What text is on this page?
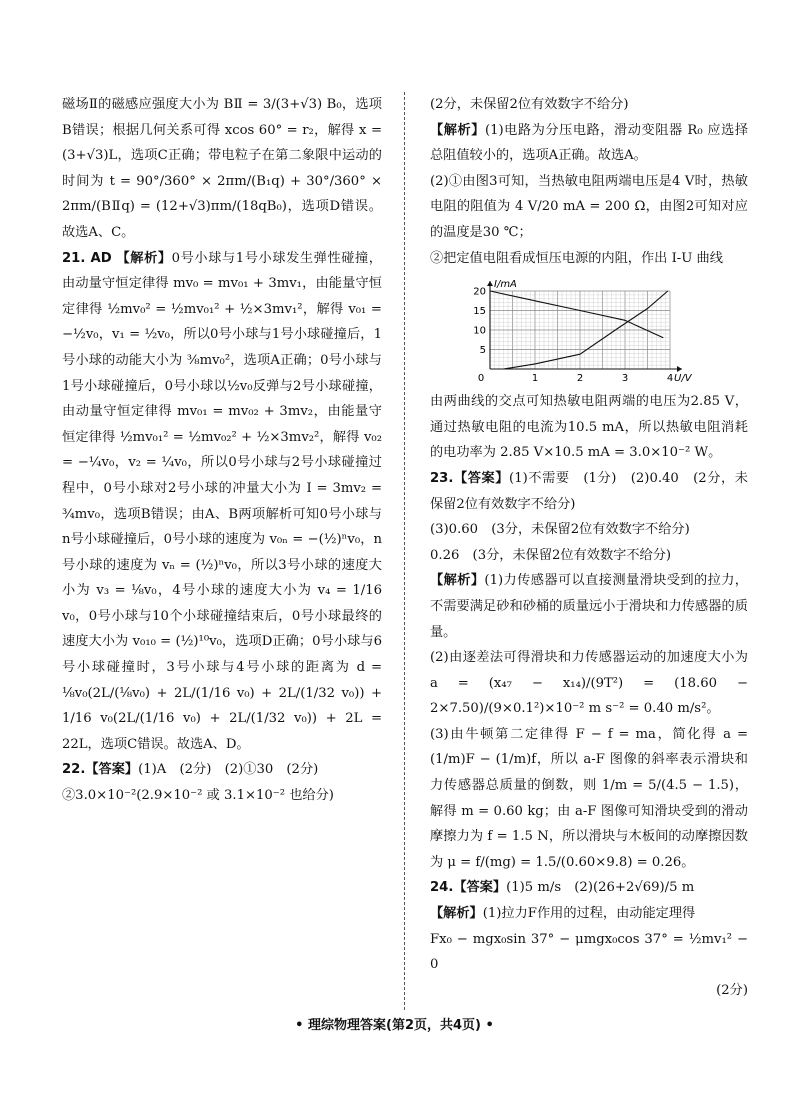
磁场Ⅱ的磁感应强度大小为 BⅡ = 3/(3+√3) B₀，选项B错误；根据几何关系可得 xcos 60° = r₂，解得 x = (3+√3)L，选项C正确；带电粒子在第二象限中运动的时间为 t = 90°/360° × 2πm/(B₁q) + 30°/360° × 2πm/(BⅡq) = (12+√3)πm/(18qB₀)，选项D错误。故选A、C。

21. AD 【解析】0号小球与1号小球发生弹性碰撞，由动量守恒定律得 mv₀ = mv₀₁ + 3mv₁，由能量守恒定律得 ½mv₀² = ½mv₀₁² + ½×3mv₁²，解得 v₀₁ = −½v₀，v₁ = ½v₀，所以0号小球与1号小球碰撞后，1号小球的动能大小为 ⅜mv₀²，选项A正确；0号小球与1号小球碰撞后，0号小球以½v₀反弹与2号小球碰撞，由动量守恒定律得 mv₀₁ = mv₀₂ + 3mv₂，由能量守恒定律得 ½mv₀₁² = ½mv₀₂² + ½×3mv₂²，解得 v₀₂ = −¼v₀，v₂ = ¼v₀，所以0号小球与2号小球碰撞过程中，0号小球对2号小球的冲量大小为 I = 3mv₂ = ¾mv₀，选项B错误；由A、B两项解析可知0号小球与n号小球碰撞后，0号小球的速度为 v₀ₙ = −(½)ⁿv₀，n号小球的速度为 vₙ = (½)ⁿv₀，所以3号小球的速度大小为 v₃ = ⅛v₀，4号小球的速度大小为 v₄ = 1/16 v₀，0号小球与10个小球碰撞结束后，0号小球最终的速度大小为 v₀₁₀ = (½)¹⁰v₀，选项D正确；0号小球与6号小球碰撞时，3号小球与4号小球的距离为 d = ⅛v₀(2L/(⅛v₀) + 2L/(1/16 v₀) + 2L/(1/32 v₀)) + 1/16 v₀(2L/(1/16 v₀) + 2L/(1/32 v₀)) + 2L = 22L，选项C错误。故选A、D。

22.【答案】(1)A　(2分)　(2)①30　(2分)

②3.0×10⁻²(2.9×10⁻² 或 3.1×10⁻² 也给分)

(2分，未保留2位有效数字不给分)

【解析】(1)电路为分压电路，滑动变阻器 R₀ 应选择总阻值较小的，选项A正确。故选A。

(2)①由图3可知，当热敏电阻两端电压是4 V时，热敏电阻的阻值为 4 V/20 mA = 200 Ω，由图2可知对应的温度是30 ℃；

②把定值电阻看成恒压电源的内阻，作出 I-U 曲线

0	1	2	3	4
5
10
15
20
U/V
I/mA

由两曲线的交点可知热敏电阻两端的电压为2.85 V，通过热敏电阻的电流为10.5 mA，所以热敏电阻消耗的电功率为 2.85 V×10.5 mA = 3.0×10⁻² W。

23.【答案】(1)不需要　(1分)　(2)0.40　(2分，未保留2位有效数字不给分)

(3)0.60　(3分，未保留2位有效数字不给分)

0.26　(3分，未保留2位有效数字不给分)

【解析】(1)力传感器可以直接测量滑块受到的拉力，不需要满足砂和砂桶的质量远小于滑块和力传感器的质量。

(2)由逐差法可得滑块和力传感器运动的加速度大小为 a = (x₄₇ − x₁₄)/(9T²) = (18.60 − 2×7.50)/(9×0.1²)×10⁻² m s⁻² = 0.40 m/s²。

(3)由牛顿第二定律得 F − f = ma，简化得 a = (1/m)F − (1/m)f，所以 a-F 图像的斜率表示滑块和力传感器总质量的倒数，则 1/m = 5/(4.5 − 1.5)，解得 m = 0.60 kg；由 a-F 图像可知滑块受到的滑动摩擦力为 f = 1.5 N，所以滑块与木板间的动摩擦因数为 μ = f/(mg) = 1.5/(0.60×9.8) = 0.26。

24.【答案】(1)5 m/s　(2)(26+2√69)/5 m

【解析】(1)拉力F作用的过程，由动能定理得

Fx₀ − mgx₀sin 37° − μmgx₀cos 37° = ½mv₁² − 0

(2分)

• 理综物理答案(第2页，共4页) •
